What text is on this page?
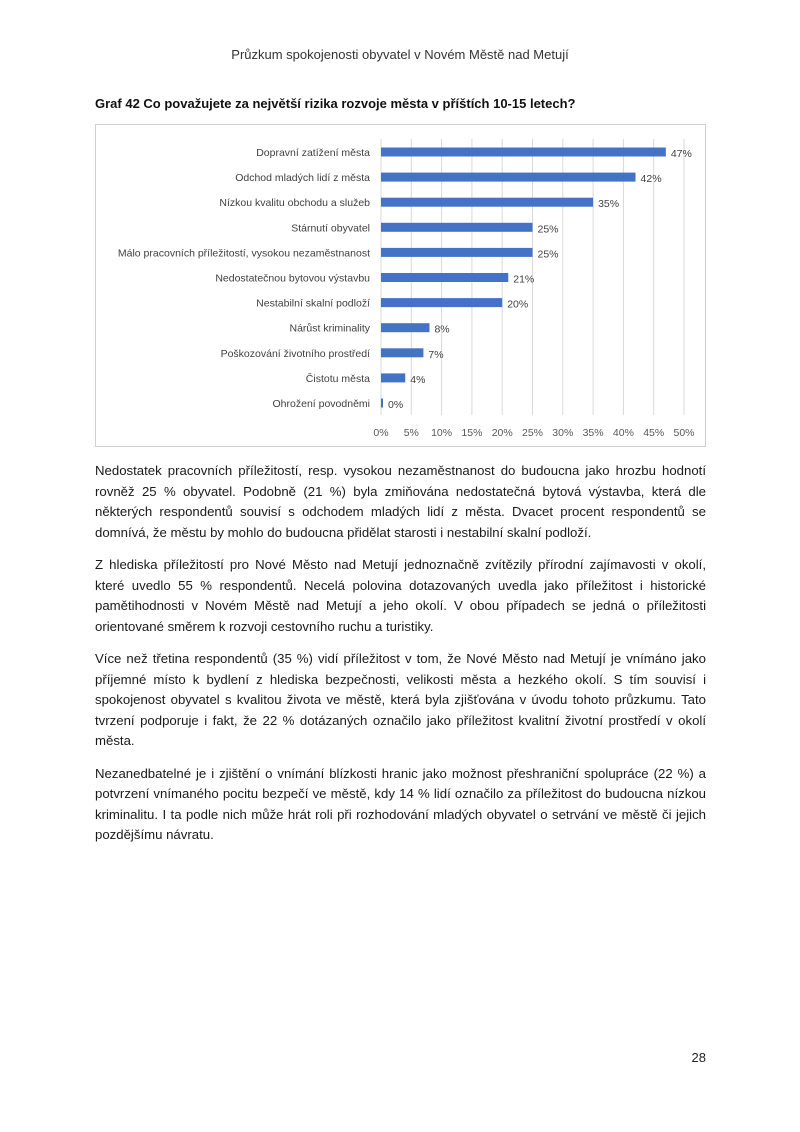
Průzkum spokojenosti obyvatel v Novém Městě nad Metují
Graf 42 Co považujete za největší rizika rozvoje města v příštích 10-15 letech?
0% 5% 10% 15% 20% 25% 30% 35% 40% 45% 50%
Dopravní zatížení města	47%
Odchod mladých lidí z města	42%
Nízkou kvalitu obchodu a služeb	35%
Stárnutí obyvatel	25%
Málo pracovních příležitostí, vysokou nezaměstnanost	25%
Nedostatečnou bytovou výstavbu	21%
Nestabilní skalní podloží	20%
Nárůst kriminality	8%
Poškozování životního prostředí	7%
Čistotu města	4%
Ohrožení povodněmi 0%

Nedostatek pracovních příležitostí, resp. vysokou nezaměstnanost do budoucna jako hrozbu hodnotí rovněž 25 % obyvatel. Podobně (21 %) byla zmiňována nedostatečná bytová výstavba, která dle některých respondentů souvisí s odchodem mladých lidí z města. Dvacet procent respondentů se domnívá, že městu by mohlo do budoucna přidělat starosti i nestabilní skalní podloží.

Z hlediska příležitostí pro Nové Město nad Metují jednoznačně zvítězily přírodní zajímavosti v okolí, které uvedlo 55 % respondentů. Necelá polovina dotazovaných uvedla jako příležitost i historické pamětihodnosti v Novém Městě nad Metují a jeho okolí. V obou případech se jedná o příležitosti orientované směrem k rozvoji cestovního ruchu a turistiky.

Více než třetina respondentů (35 %) vidí příležitost v tom, že Nové Město nad Metují je vnímáno jako příjemné místo k bydlení z hlediska bezpečnosti, velikosti města a hezkého okolí. S tím souvisí i spokojenost obyvatel s kvalitou života ve městě, která byla zjišťována v úvodu tohoto průzkumu. Tato tvrzení podporuje i fakt, že 22 % dotázaných označilo jako příležitost kvalitní životní prostředí v okolí města.

Nezanedbatelné je i zjištění o vnímání blízkosti hranic jako možnost přeshraniční spolupráce (22 %) a potvrzení vnímaného pocitu bezpečí ve městě, kdy 14 % lidí označilo za příležitost do budoucna nízkou kriminalitu. I ta podle nich může hrát roli při rozhodování mladých obyvatel o setrvání ve městě či jejich pozdějšímu návratu.

28
